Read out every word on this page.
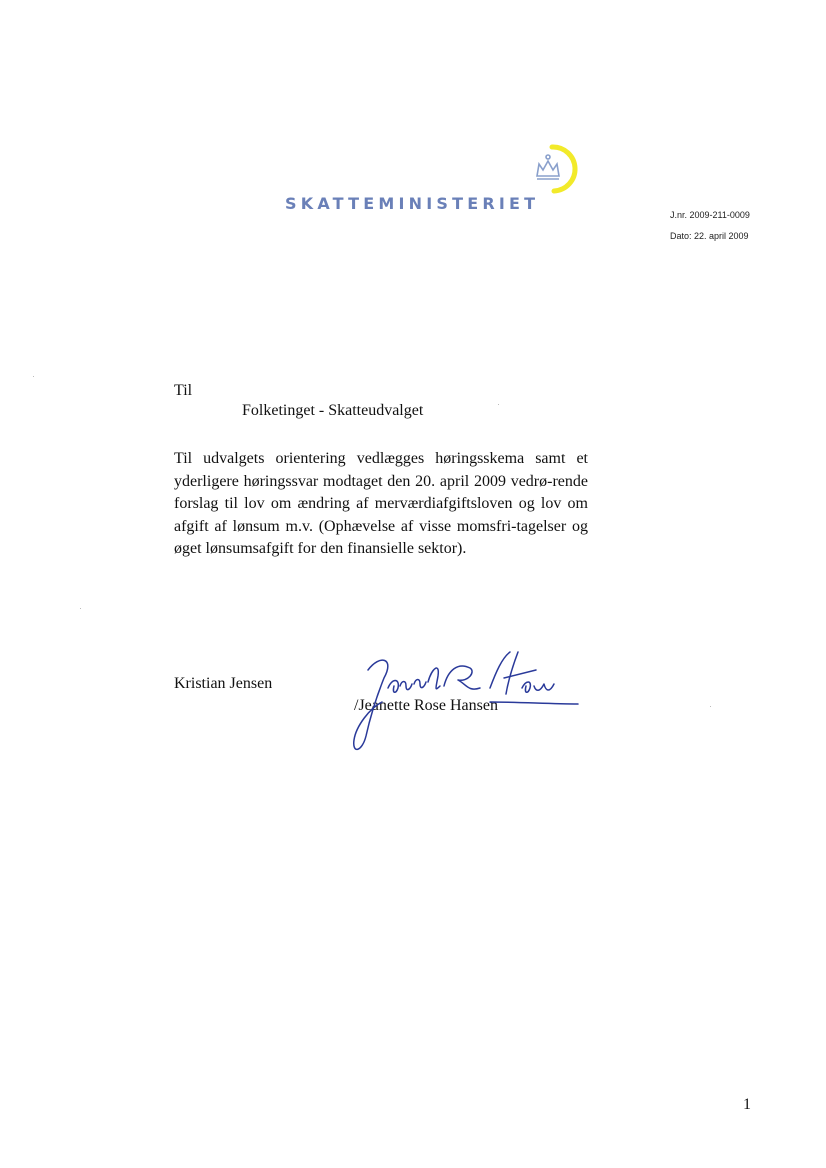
SKATTEMINISTERIET
J.nr. 2009-211-0009
Dato: 22. april 2009
Til
Folketinget - Skatteudvalget

Til udvalgets orientering vedlægges høringsskema samt et yderligere høringssvar modtaget den 20. april 2009 vedrø-rende forslag til lov om ændring af merværdiafgiftsloven og lov om afgift af lønsum m.v. (Ophævelse af visse momsfri-tagelser og øget lønsumsafgift for den finansielle sektor).

Kristian Jensen
/Jeanette Rose Hansen
1
